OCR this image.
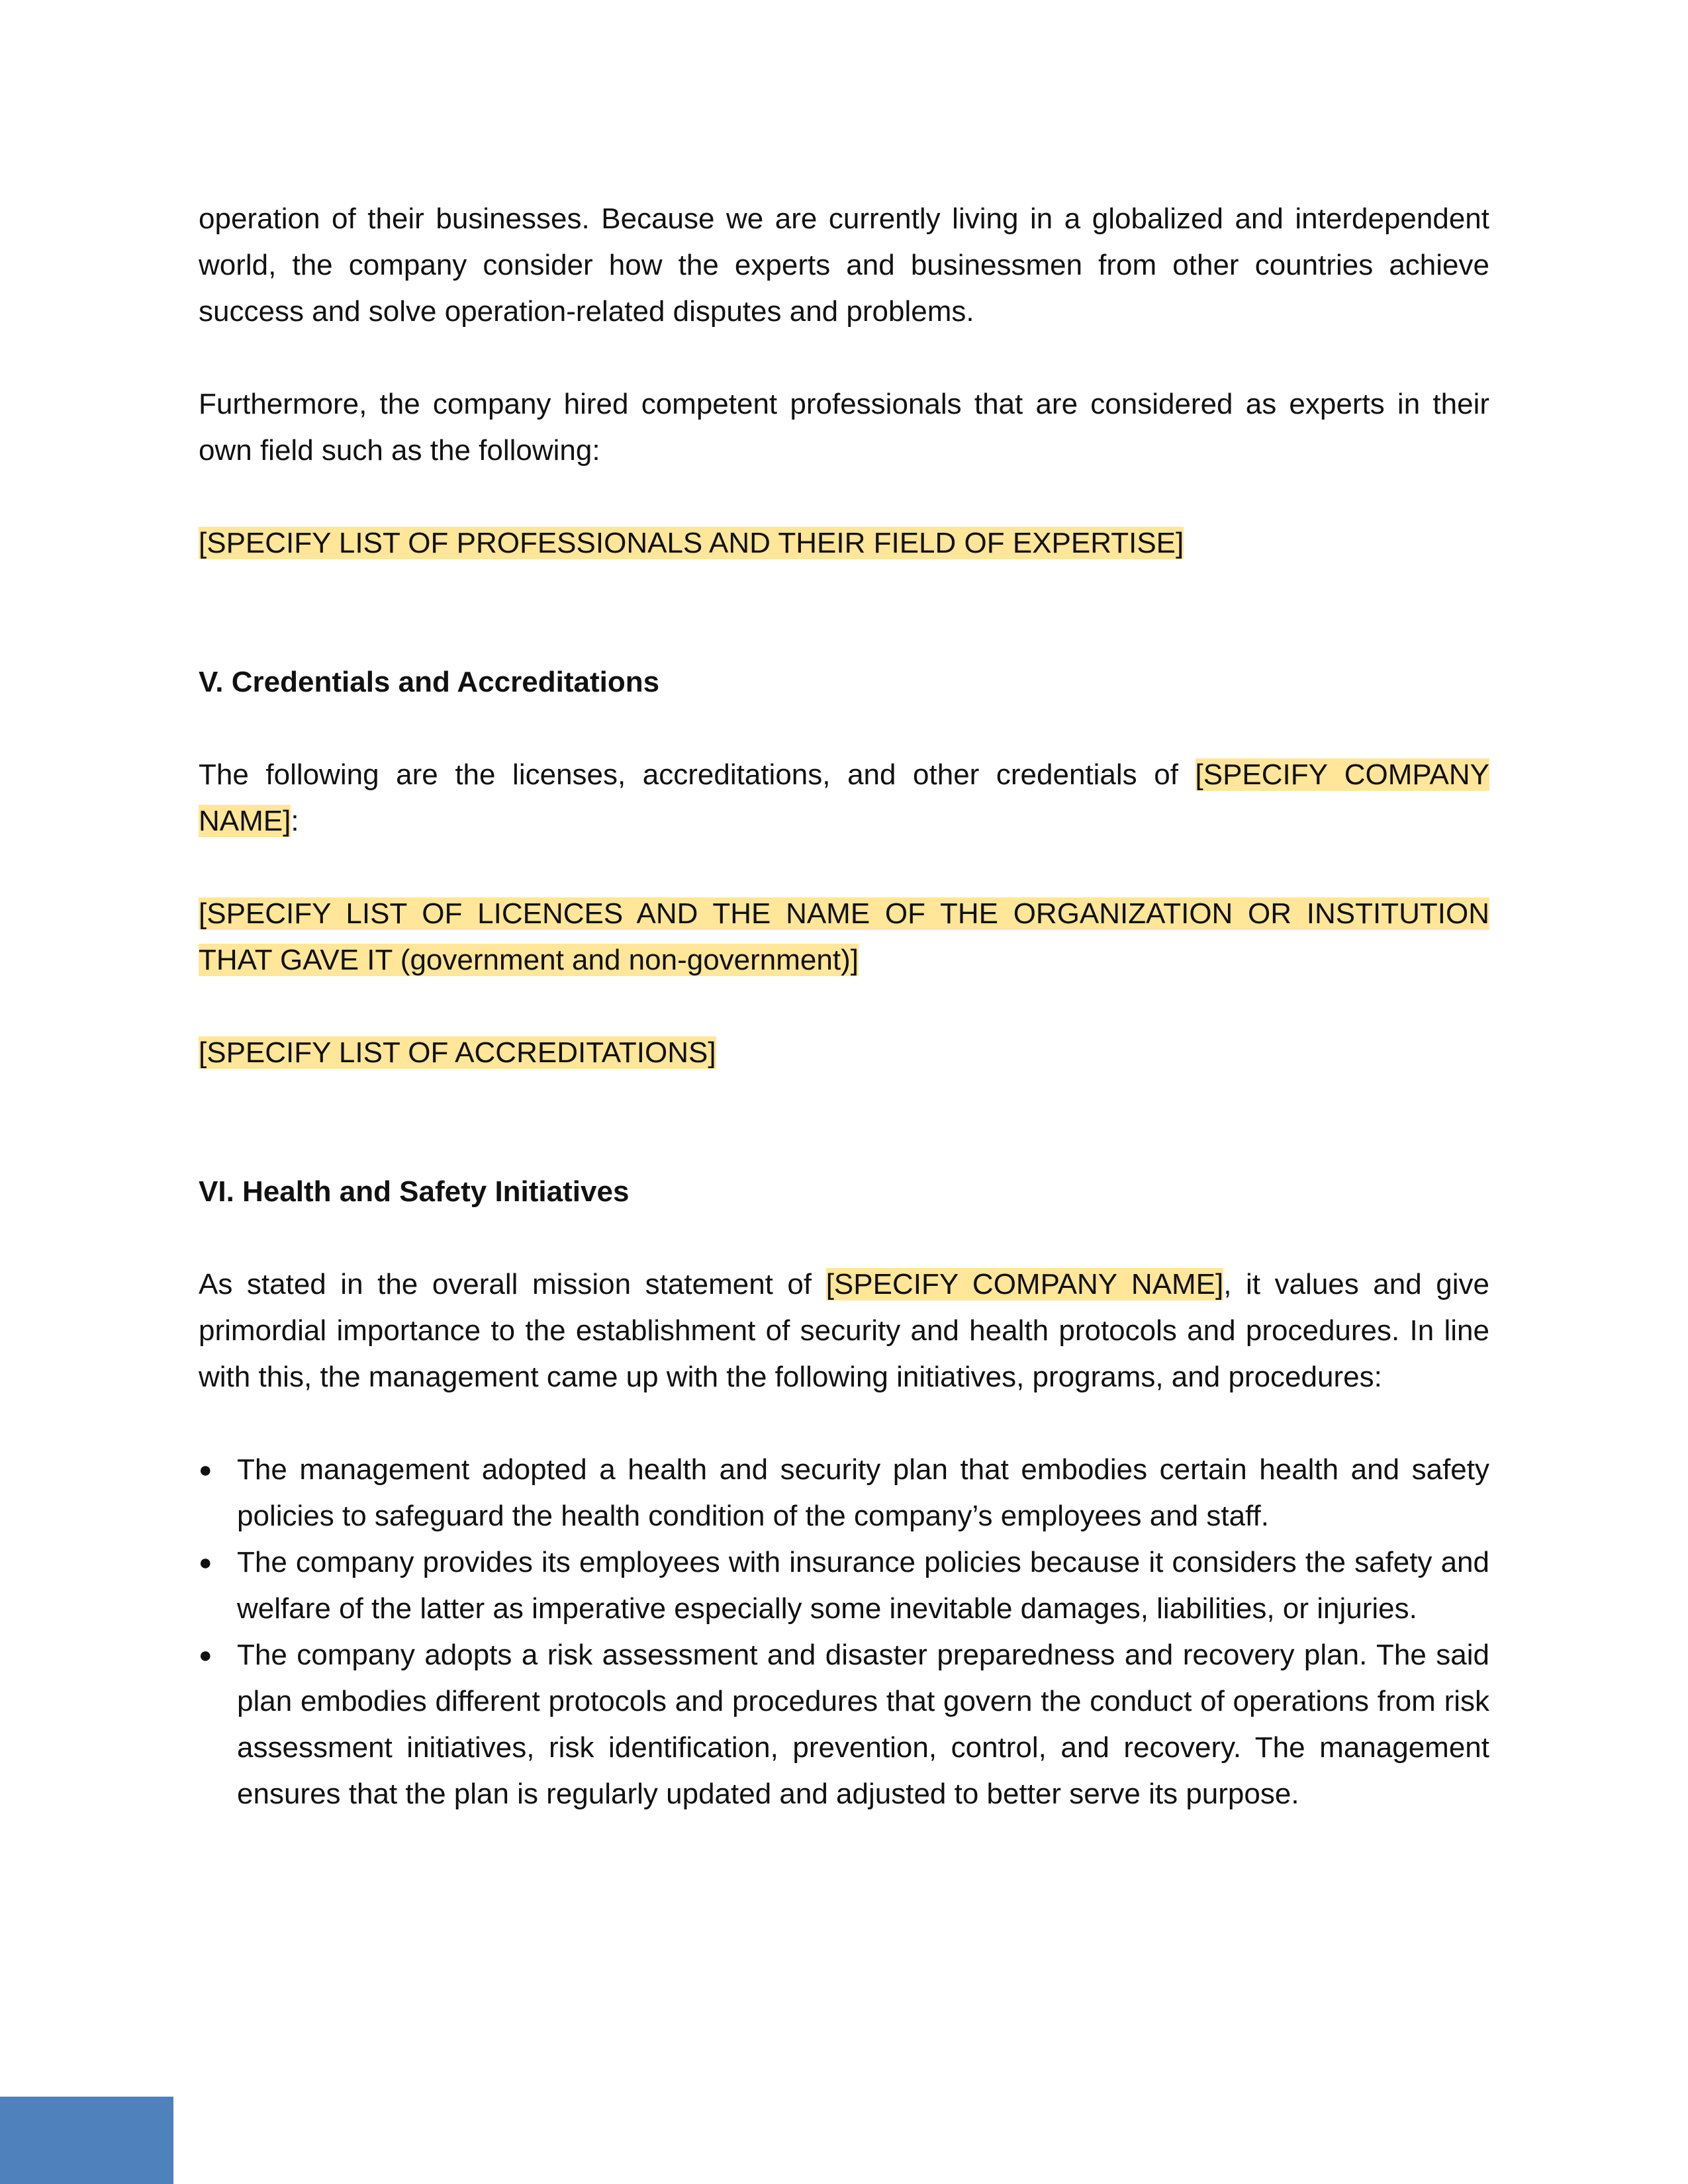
operation of their businesses. Because we are currently living in a globalized and interdependent world, the company consider how the experts and businessmen from other countries achieve success and solve operation-related disputes and problems.

Furthermore, the company hired competent professionals that are considered as experts in their own field such as the following:

[SPECIFY LIST OF PROFESSIONALS AND THEIR FIELD OF EXPERTISE]

V. Credentials and Accreditations

The following are the licenses, accreditations, and other credentials of [SPECIFY COMPANY NAME]:

[SPECIFY LIST OF LICENCES AND THE NAME OF THE ORGANIZATION OR INSTITUTION THAT GAVE IT (government and non-government)]

[SPECIFY LIST OF ACCREDITATIONS]

VI. Health and Safety Initiatives

As stated in the overall mission statement of [SPECIFY COMPANY NAME], it values and give primordial importance to the establishment of security and health protocols and procedures. In line with this, the management came up with the following initiatives, programs, and procedures:

● The management adopted a health and security plan that embodies certain health and safety policies to safeguard the health condition of the company’s employees and staff.
● The company provides its employees with insurance policies because it considers the safety and welfare of the latter as imperative especially some inevitable damages, liabilities, or injuries.
● The company adopts a risk assessment and disaster preparedness and recovery plan. The said plan embodies different protocols and procedures that govern the conduct of operations from risk assessment initiatives, risk identification, prevention, control, and recovery. The management ensures that the plan is regularly updated and adjusted to better serve its purpose.
